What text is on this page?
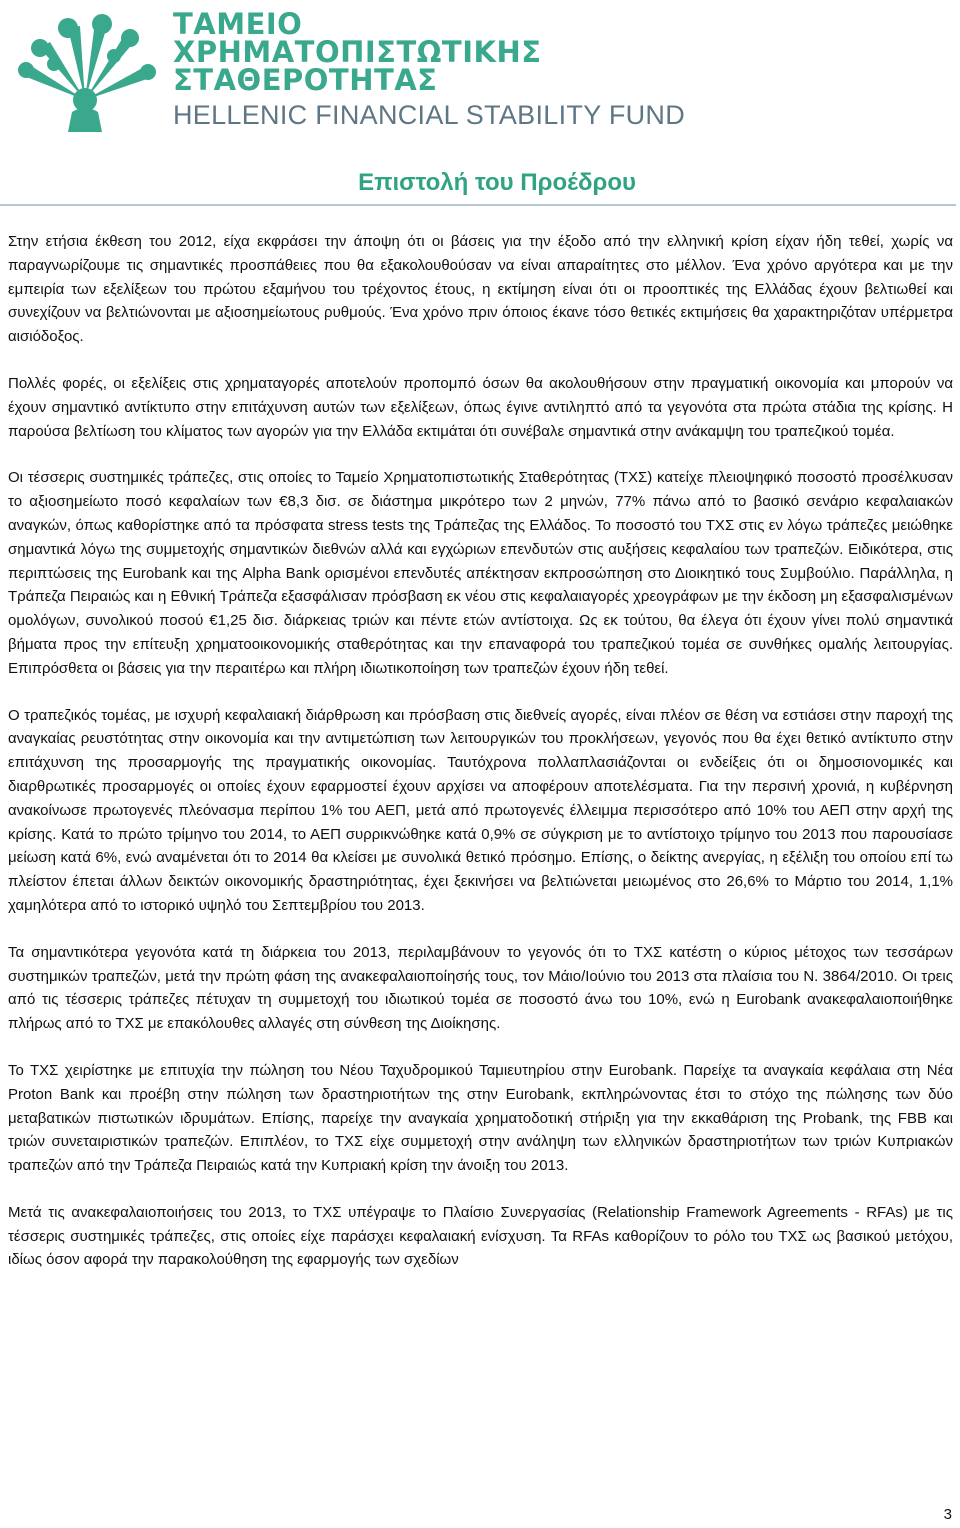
ΤΑΜΕΙΟ
ΧΡΗΜΑΤΟΠΙΣΤΩΤΙΚΗΣ
ΣΤΑΘΕΡΟΤΗΤΑΣ
HELLENIC FINANCIAL STABILITY FUND
Επιστολή του Προέδρου

Στην ετήσια έκθεση του 2012, είχα εκφράσει την άποψη ότι οι βάσεις για την έξοδο από την ελληνική κρίση είχαν ήδη τεθεί, χωρίς να παραγνωρίζουμε τις σημαντικές προσπάθειες που θα εξακολουθούσαν να είναι απαραίτητες στο μέλλον. Ένα χρόνο αργότερα και με την εμπειρία των εξελίξεων του πρώτου εξαμήνου του τρέχοντος έτους, η εκτίμηση είναι ότι οι προοπτικές της Ελλάδας έχουν βελτιωθεί και συνεχίζουν να βελτιώνονται με αξιοσημείωτους ρυθμούς. Ένα χρόνο πριν όποιος έκανε τόσο θετικές εκτιμήσεις θα χαρακτηριζόταν υπέρμετρα αισιόδοξος.

Πολλές φορές, οι εξελίξεις στις χρηματαγορές αποτελούν προπομπό όσων θα ακολουθήσουν στην πραγματική οικονομία και μπορούν να έχουν σημαντικό αντίκτυπο στην επιτάχυνση αυτών των εξελίξεων, όπως έγινε αντιληπτό από τα γεγονότα στα πρώτα στάδια της κρίσης. Η παρούσα βελτίωση του κλίματος των αγορών για την Ελλάδα εκτιμάται ότι συνέβαλε σημαντικά στην ανάκαμψη του τραπεζικού τομέα.

Οι τέσσερις συστημικές τράπεζες, στις οποίες το Ταμείο Χρηματοπιστωτικής Σταθερότητας (ΤΧΣ) κατείχε πλειοψηφικό ποσοστό προσέλκυσαν το αξιοσημείωτο ποσό κεφαλαίων των €8,3 δισ. σε διάστημα μικρότερο των 2 μηνών, 77% πάνω από το βασικό σενάριο κεφαλαιακών αναγκών, όπως καθορίστηκε από τα πρόσφατα stress tests της Τράπεζας της Ελλάδος. Το ποσοστό του ΤΧΣ στις εν λόγω τράπεζες μειώθηκε σημαντικά λόγω της συμμετοχής σημαντικών διεθνών αλλά και εγχώριων επενδυτών στις αυξήσεις κεφαλαίου των τραπεζών. Ειδικότερα, στις περιπτώσεις της Eurobank και της Alpha Bank ορισμένοι επενδυτές απέκτησαν εκπροσώπηση στο Διοικητικό τους Συμβούλιο. Παράλληλα, η Τράπεζα Πειραιώς και η Εθνική Τράπεζα εξασφάλισαν πρόσβαση εκ νέου στις κεφαλαιαγορές χρεογράφων με την έκδοση μη εξασφαλισμένων ομολόγων, συνολικού ποσού €1,25 δισ. διάρκειας τριών και πέντε ετών αντίστοιχα. Ως εκ τούτου, θα έλεγα ότι έχουν γίνει πολύ σημαντικά βήματα προς την επίτευξη χρηματοοικονομικής σταθερότητας και την επαναφορά του τραπεζικού τομέα σε συνθήκες ομαλής λειτουργίας. Επιπρόσθετα οι βάσεις για την περαιτέρω και πλήρη ιδιωτικοποίηση των τραπεζών έχουν ήδη τεθεί.

Ο τραπεζικός τομέας, με ισχυρή κεφαλαιακή διάρθρωση και πρόσβαση στις διεθνείς αγορές, είναι πλέον σε θέση να εστιάσει στην παροχή της αναγκαίας ρευστότητας στην οικονομία και την αντιμετώπιση των λειτουργικών του προκλήσεων, γεγονός που θα έχει θετικό αντίκτυπο στην επιτάχυνση της προσαρμογής της πραγματικής οικονομίας. Ταυτόχρονα πολλαπλασιάζονται οι ενδείξεις ότι οι δημοσιονομικές και διαρθρωτικές προσαρμογές οι οποίες έχουν εφαρμοστεί έχουν αρχίσει να αποφέρουν αποτελέσματα. Για την περσινή χρονιά, η κυβέρνηση ανακοίνωσε πρωτογενές πλεόνασμα περίπου 1% του ΑΕΠ, μετά από πρωτογενές έλλειμμα περισσότερο από 10% του ΑΕΠ στην αρχή της κρίσης. Κατά το πρώτο τρίμηνο του 2014, το ΑΕΠ συρρικνώθηκε κατά 0,9% σε σύγκριση με το αντίστοιχο τρίμηνο του 2013 που παρουσίασε μείωση κατά 6%, ενώ αναμένεται ότι το 2014 θα κλείσει με συνολικά θετικό πρόσημο. Επίσης, ο δείκτης ανεργίας, η εξέλιξη του οποίου επί τω πλείστον έπεται άλλων δεικτών οικονομικής δραστηριότητας, έχει ξεκινήσει να βελτιώνεται μειωμένος στο 26,6% το Μάρτιο του 2014, 1,1% χαμηλότερα από το ιστορικό υψηλό του Σεπτεμβρίου του 2013.

Τα σημαντικότερα γεγονότα κατά τη διάρκεια του 2013, περιλαμβάνουν το γεγονός ότι το ΤΧΣ κατέστη ο κύριος μέτοχος των τεσσάρων συστημικών τραπεζών, μετά την πρώτη φάση της ανακεφαλαιοποίησής τους, τον Μάιο/Ιούνιο του 2013 στα πλαίσια του Ν. 3864/2010. Οι τρεις από τις τέσσερις τράπεζες πέτυχαν τη συμμετοχή του ιδιωτικού τομέα σε ποσοστό άνω του 10%, ενώ η Eurobank ανακεφαλαιοποιήθηκε πλήρως από το ΤΧΣ με επακόλουθες αλλαγές στη σύνθεση της Διοίκησης.

Το ΤΧΣ χειρίστηκε με επιτυχία την πώληση του Νέου Ταχυδρομικού Ταμιευτηρίου στην Eurobank. Παρείχε τα αναγκαία κεφάλαια στη Νέα Proton Bank και προέβη στην πώληση των δραστηριοτήτων της στην Eurobank, εκπληρώνοντας έτσι το στόχο της πώλησης των δύο μεταβατικών πιστωτικών ιδρυμάτων. Επίσης, παρείχε την αναγκαία χρηματοδοτική στήριξη για την εκκαθάριση της Probank, της FBB και τριών συνεταιριστικών τραπεζών. Επιπλέον, το ΤΧΣ είχε συμμετοχή στην ανάληψη των ελληνικών δραστηριοτήτων των τριών Κυπριακών τραπεζών από την Τράπεζα Πειραιώς κατά την Κυπριακή κρίση την άνοιξη του 2013.

Μετά τις ανακεφαλαιοποιήσεις του 2013, το ΤΧΣ υπέγραψε το Πλαίσιο Συνεργασίας (Relationship Framework Agreements - RFAs) με τις τέσσερις συστημικές τράπεζες, στις οποίες είχε παράσχει κεφαλαιακή ενίσχυση. Τα RFAs καθορίζουν το ρόλο του ΤΧΣ ως βασικού μετόχου, ιδίως όσον αφορά την παρακολούθηση της εφαρμογής των σχεδίων

3
